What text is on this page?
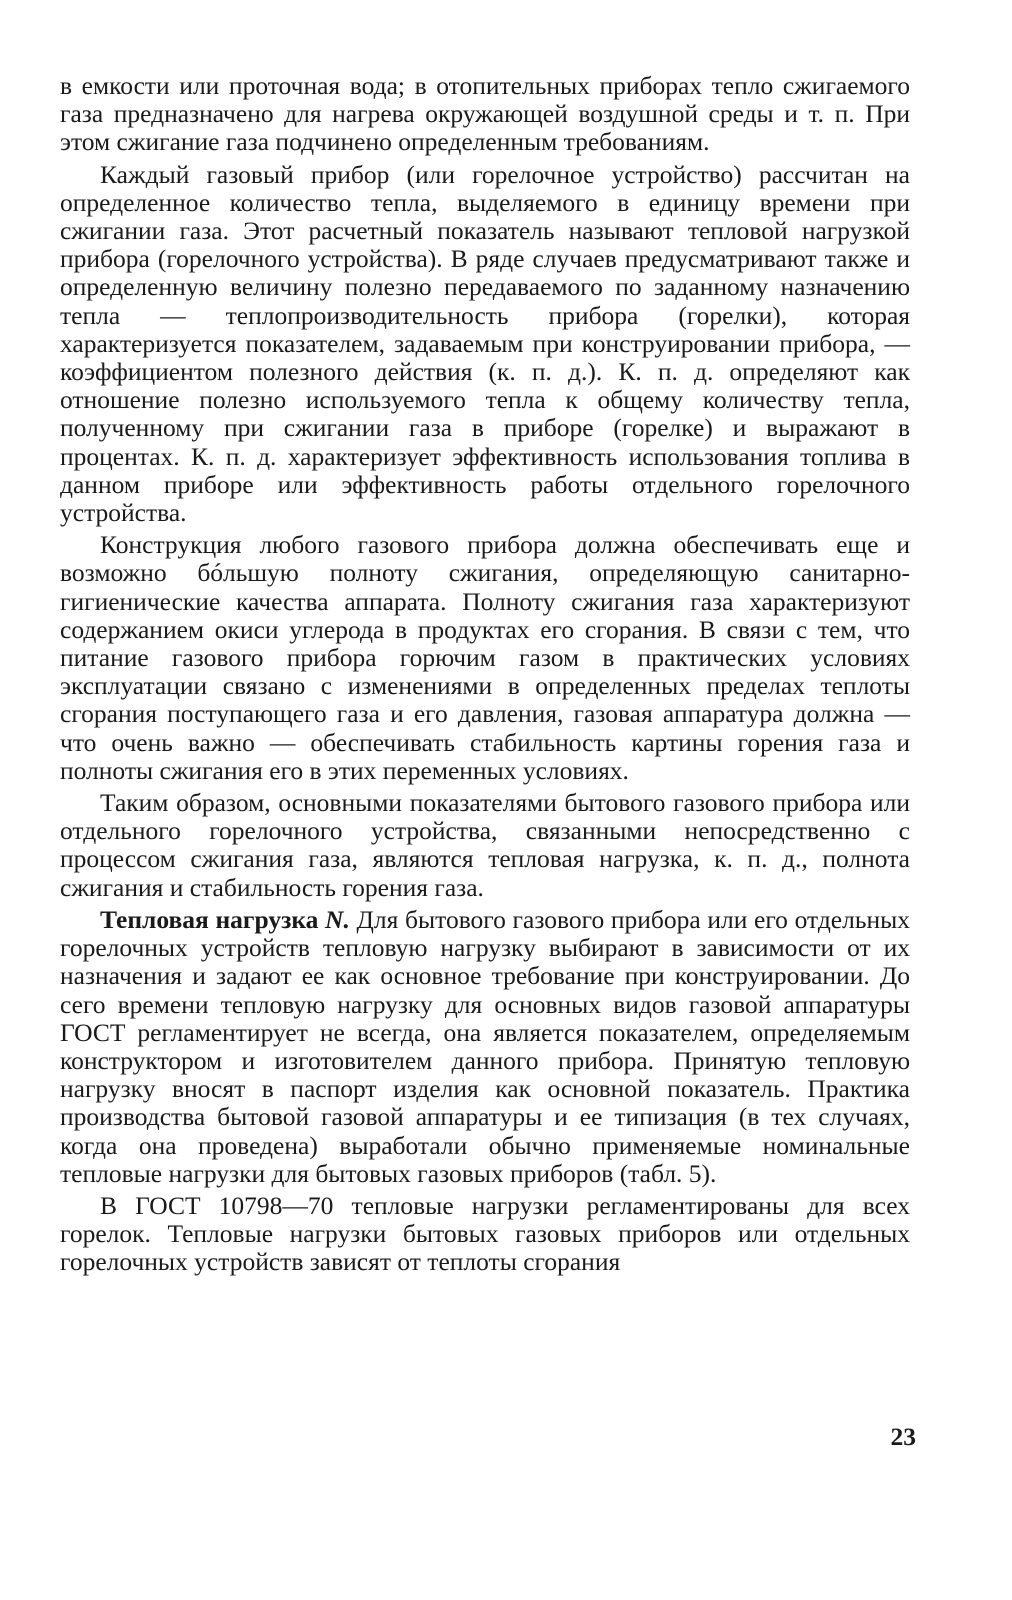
в емкости или проточная вода; в отопительных приборах тепло сжигаемого газа предназначено для нагрева окружающей воздушной среды и т. п. При этом сжигание газа подчинено определенным требованиям.

Каждый газовый прибор (или горелочное устройство) рассчитан на определенное количество тепла, выделяемого в единицу времени при сжигании газа. Этот расчетный показатель называют тепловой нагрузкой прибора (горелочного устройства). В ряде случаев предусматривают также и определенную величину полезно передаваемого по заданному назначению тепла — теплопроизводительность прибора (горелки), которая характеризуется показателем, задаваемым при конструировании прибора, — коэффициентом полезного действия (к. п. д.). К. п. д. определяют как отношение полезно используемого тепла к общему количеству тепла, полученному при сжигании газа в приборе (горелке) и выражают в процентах. К. п. д. характеризует эффективность использования топлива в данном приборе или эффективность работы отдельного горелочного устройства.

Конструкция любого газового прибора должна обеспечивать еще и возможно бóльшую полноту сжигания, определяющую санитарно-гигиенические качества аппарата. Полноту сжигания газа характеризуют содержанием окиси углерода в продуктах его сгорания. В связи с тем, что питание газового прибора горючим газом в практических условиях эксплуатации связано с изменениями в определенных пределах теплоты сгорания поступающего газа и его давления, газовая аппаратура должна — что очень важно — обеспечивать стабильность картины горения газа и полноты сжигания его в этих переменных условиях.

Таким образом, основными показателями бытового газового прибора или отдельного горелочного устройства, связанными непосредственно с процессом сжигания газа, являются тепловая нагрузка, к. п. д., полнота сжигания и стабильность горения газа.

Тепловая нагрузка N. Для бытового газового прибора или его отдельных горелочных устройств тепловую нагрузку выбирают в зависимости от их назначения и задают ее как основное требование при конструировании. До сего времени тепловую нагрузку для основных видов газовой аппаратуры ГОСТ регламентирует не всегда, она является показателем, определяемым конструктором и изготовителем данного прибора. Принятую тепловую нагрузку вносят в паспорт изделия как основной показатель. Практика производства бытовой газовой аппаратуры и ее типизация (в тех случаях, когда она проведена) выработали обычно применяемые номинальные тепловые нагрузки для бытовых газовых приборов (табл. 5).

В ГОСТ 10798—70 тепловые нагрузки регламентированы для всех горелок. Тепловые нагрузки бытовых газовых приборов или отдельных горелочных устройств зависят от теплоты сгорания

23
